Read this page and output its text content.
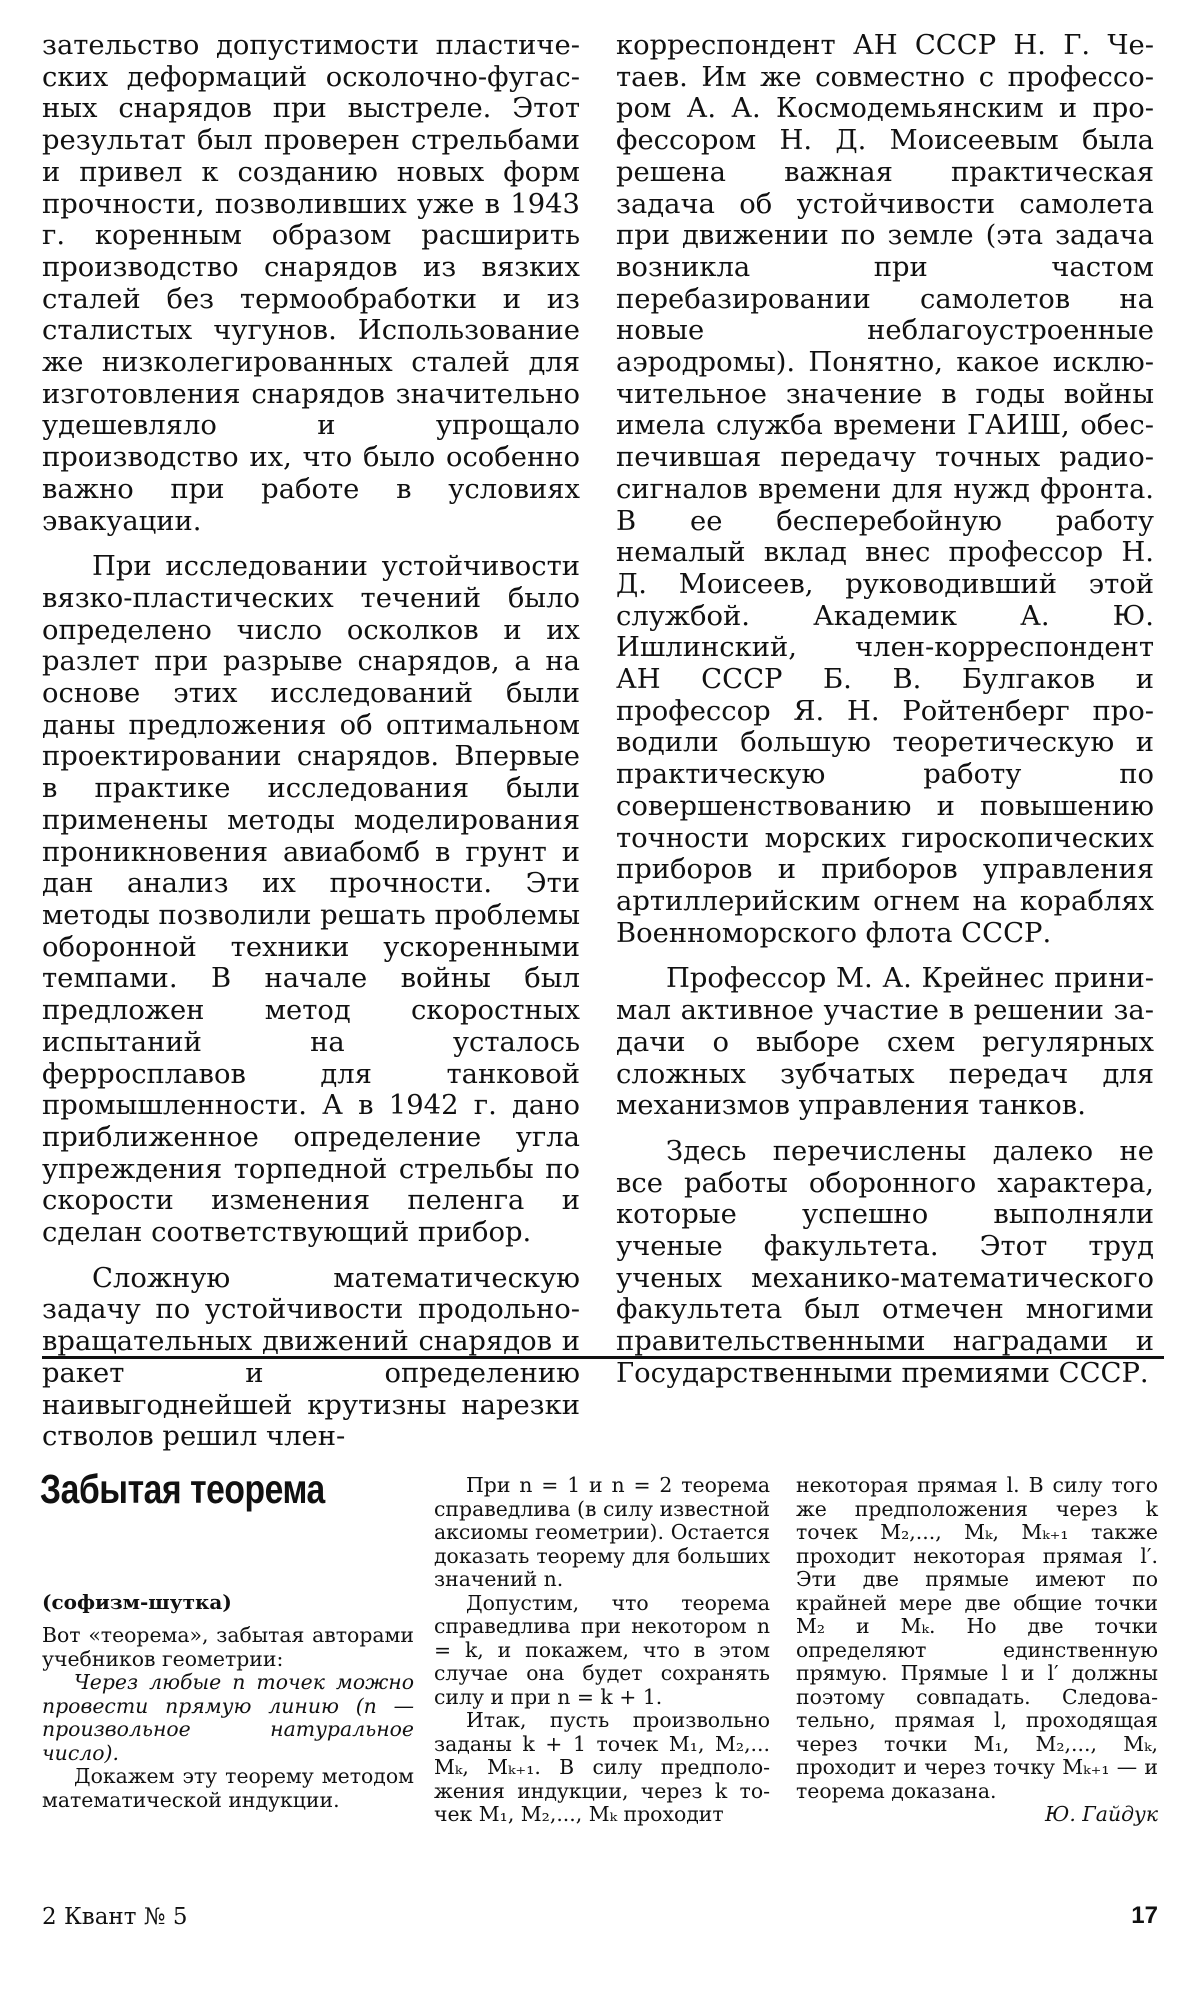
зательство допустимости пластических деформаций осколочно-фугасных снарядов при выстреле. Этот результат был проверен стрельбами и привел к созданию новых форм прочности, позволивших уже в 1943 г. коренным образом расширить производство снарядов из вязких сталей без термообработки и из сталистых чугунов. Использование же низколегированных сталей для изготовления снарядов значительно удешевляло и упрощало производство их, что было особенно важно при работе в условиях эвакуации.

При исследовании устойчивости вязко-пластических течений было определено число осколков и их разлет при разрыве снарядов, а на основе этих исследований были даны предложения об оптимальном проектировании снарядов. Впервые в практике исследования были применены методы моделирования проникновения авиабомб в грунт и дан анализ их прочности. Эти методы позволили решать проблемы оборонной техники ускоренными темпами. В начале войны был предложен метод скоростных испытаний на усталось ферросплавов для танковой промышленности. А в 1942 г. дано приближенное определение угла упреждения торпедной стрельбы по скорости изменения пеленга и сделан соответствующий прибор.

Сложную математическую задачу по устойчивости продольно-вращательных движений снарядов и ракет и определению наивыгоднейшей крутизны нарезки стволов решил член-

корреспондент АН СССР Н. Г. Четаев. Им же совместно с профессором А. А. Космодемьянским и профессором Н. Д. Моисеевым была решена важная практическая задача об устойчивости самолета при движении по земле (эта задача возникла при частом перебазировании самолетов на новые неблагоустроенные аэродромы). Понятно, какое исключительное значение в годы войны имела служба времени ГАИШ, обеспечившая передачу точных радиосигналов времени для нужд фронта. В ее бесперебойную работу немалый вклад внес профессор Н. Д. Моисеев, руководивший этой службой. Академик А. Ю. Ишлинский, член-корреспондент АН СССР Б. В. Булгаков и профессор Я. Н. Ройтенберг проводили большую теоретическую и практическую работу по совершенствованию и повышению точности морских гироскопических приборов и приборов управления артиллерийским огнем на кораблях Военноморского флота СССР.

Профессор М. А. Крейнес принимал активное участие в решении задачи о выборе схем регулярных сложных зубчатых передач для механизмов управления танков.

Здесь перечислены далеко не все работы оборонного характера, которые успешно выполняли ученые факультета. Этот труд ученых механико-математического факультета был отмечен многими правительственными наградами и Государственными премиями СССР.

Забытая теорема

(софизм-шутка)

Вот «теорема», забытая авторами учебников геометрии:

Через любые n точек можно провести прямую линию (n — произвольное натуральное число).

Докажем эту теорему методом математической индукции.

При n = 1 и n = 2 теорема справедлива (в силу известной аксиомы геометрии). Остается доказать теорему для больших значений n.

Допустим, что теорема справедлива при некотором n = k, и покажем, что в этом случае она будет сохранять силу и при n = k + 1.

Итак, пусть произвольно заданы k + 1 точек M₁, M₂,... Mₖ, Mₖ₊₁. В силу предположения индукции, через k точек M₁, M₂,..., Mₖ проходит

некоторая прямая l. В силу того же предположения через k точек M₂,..., Mₖ, Mₖ₊₁ также проходит некоторая прямая l′. Эти две прямые имеют по крайней мере две общие точки M₂ и Mₖ. Но две точки определяют единственную прямую. Прямые l и l′ должны поэтому совпадать. Следовательно, прямая l, проходящая через точки M₁, M₂,..., Mₖ, проходит и через точку Mₖ₊₁ — и теорема доказана.

Ю. Гайдук

2 Квант № 5	17
